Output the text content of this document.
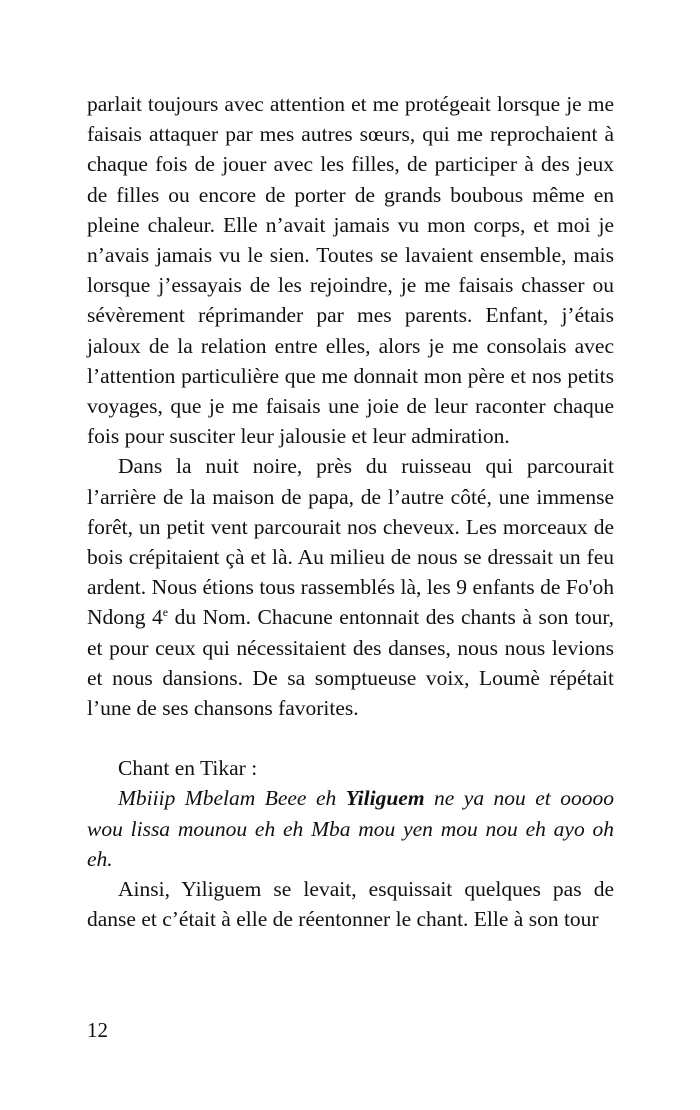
parlait toujours avec attention et me protégeait lorsque je me faisais attaquer par mes autres sœurs, qui me reprochaient à chaque fois de jouer avec les filles, de participer à des jeux de filles ou encore de porter de grands boubous même en pleine chaleur. Elle n’avait jamais vu mon corps, et moi je n’avais jamais vu le sien. Toutes se lavaient ensemble, mais lorsque j’essayais de les rejoindre, je me faisais chasser ou sévèrement réprimander par mes parents. Enfant, j’étais jaloux de la relation entre elles, alors je me consolais avec l’attention particulière que me donnait mon père et nos petits voyages, que je me faisais une joie de leur raconter chaque fois pour susciter leur jalousie et leur admiration.

Dans la nuit noire, près du ruisseau qui parcourait l’arrière de la maison de papa, de l’autre côté, une immense forêt, un petit vent parcourait nos cheveux. Les morceaux de bois crépitaient çà et là. Au milieu de nous se dressait un feu ardent. Nous étions tous rassemblés là, les 9 enfants de Fo'oh Ndong 4e du Nom. Chacune entonnait des chants à son tour, et pour ceux qui nécessitaient des danses, nous nous levions et nous dansions. De sa somptueuse voix, Loumè répétait l’une de ses chansons favorites.

Chant en Tikar :

Mbiiip Mbelam Beee eh Yiliguem ne ya nou et ooooo wou lissa mounou eh eh Mba mou yen mou nou eh ayo oh eh.

Ainsi, Yiliguem se levait, esquissait quelques pas de danse et c’était à elle de réentonner le chant. Elle à son tour

12
